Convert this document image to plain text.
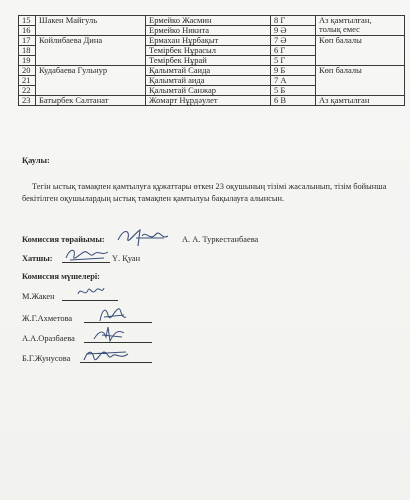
15	Шакен Майгуль	Ермейко Жасмин	8 Г	Аз қамтылған,
толық емес

16		Ермейко Никита	9 Ә	
17	Койлибаева Дина	Ермахан Нұрбақыт	7 Ә	Көп балалы
18		Темірбек Нұрасыл	6 Г	
19		Темірбек Нұрай	5 Г	
20	Кудабаева Гульнур	Қалымтай Саида	9 Б	Көп балалы
21		Қалымтай аида	7 А	
22		Қалымтай Санжар	5 Б	
23	Батырбек Салтанат	Жомарт Нұрдәулет	6 В	Аз қамтылған
Қаулы:
Тегін ыстық тамақпен қамтылуға құжаттары өткен 23 оқушының тізімі жасалынып, тізім бойынша бекітілген оқушылардың ыстық тамақпен қамтылуы бақылауға алынсын.
Комиссия төрайымы:	А. А. Туркестанбаева
Хатшы:	Ү. Қуан
Комиссия мүшелері:
М.Жакен
Ж.Г.Ахметова
А.А.Оразбаева
Б.Г.Жунусова
